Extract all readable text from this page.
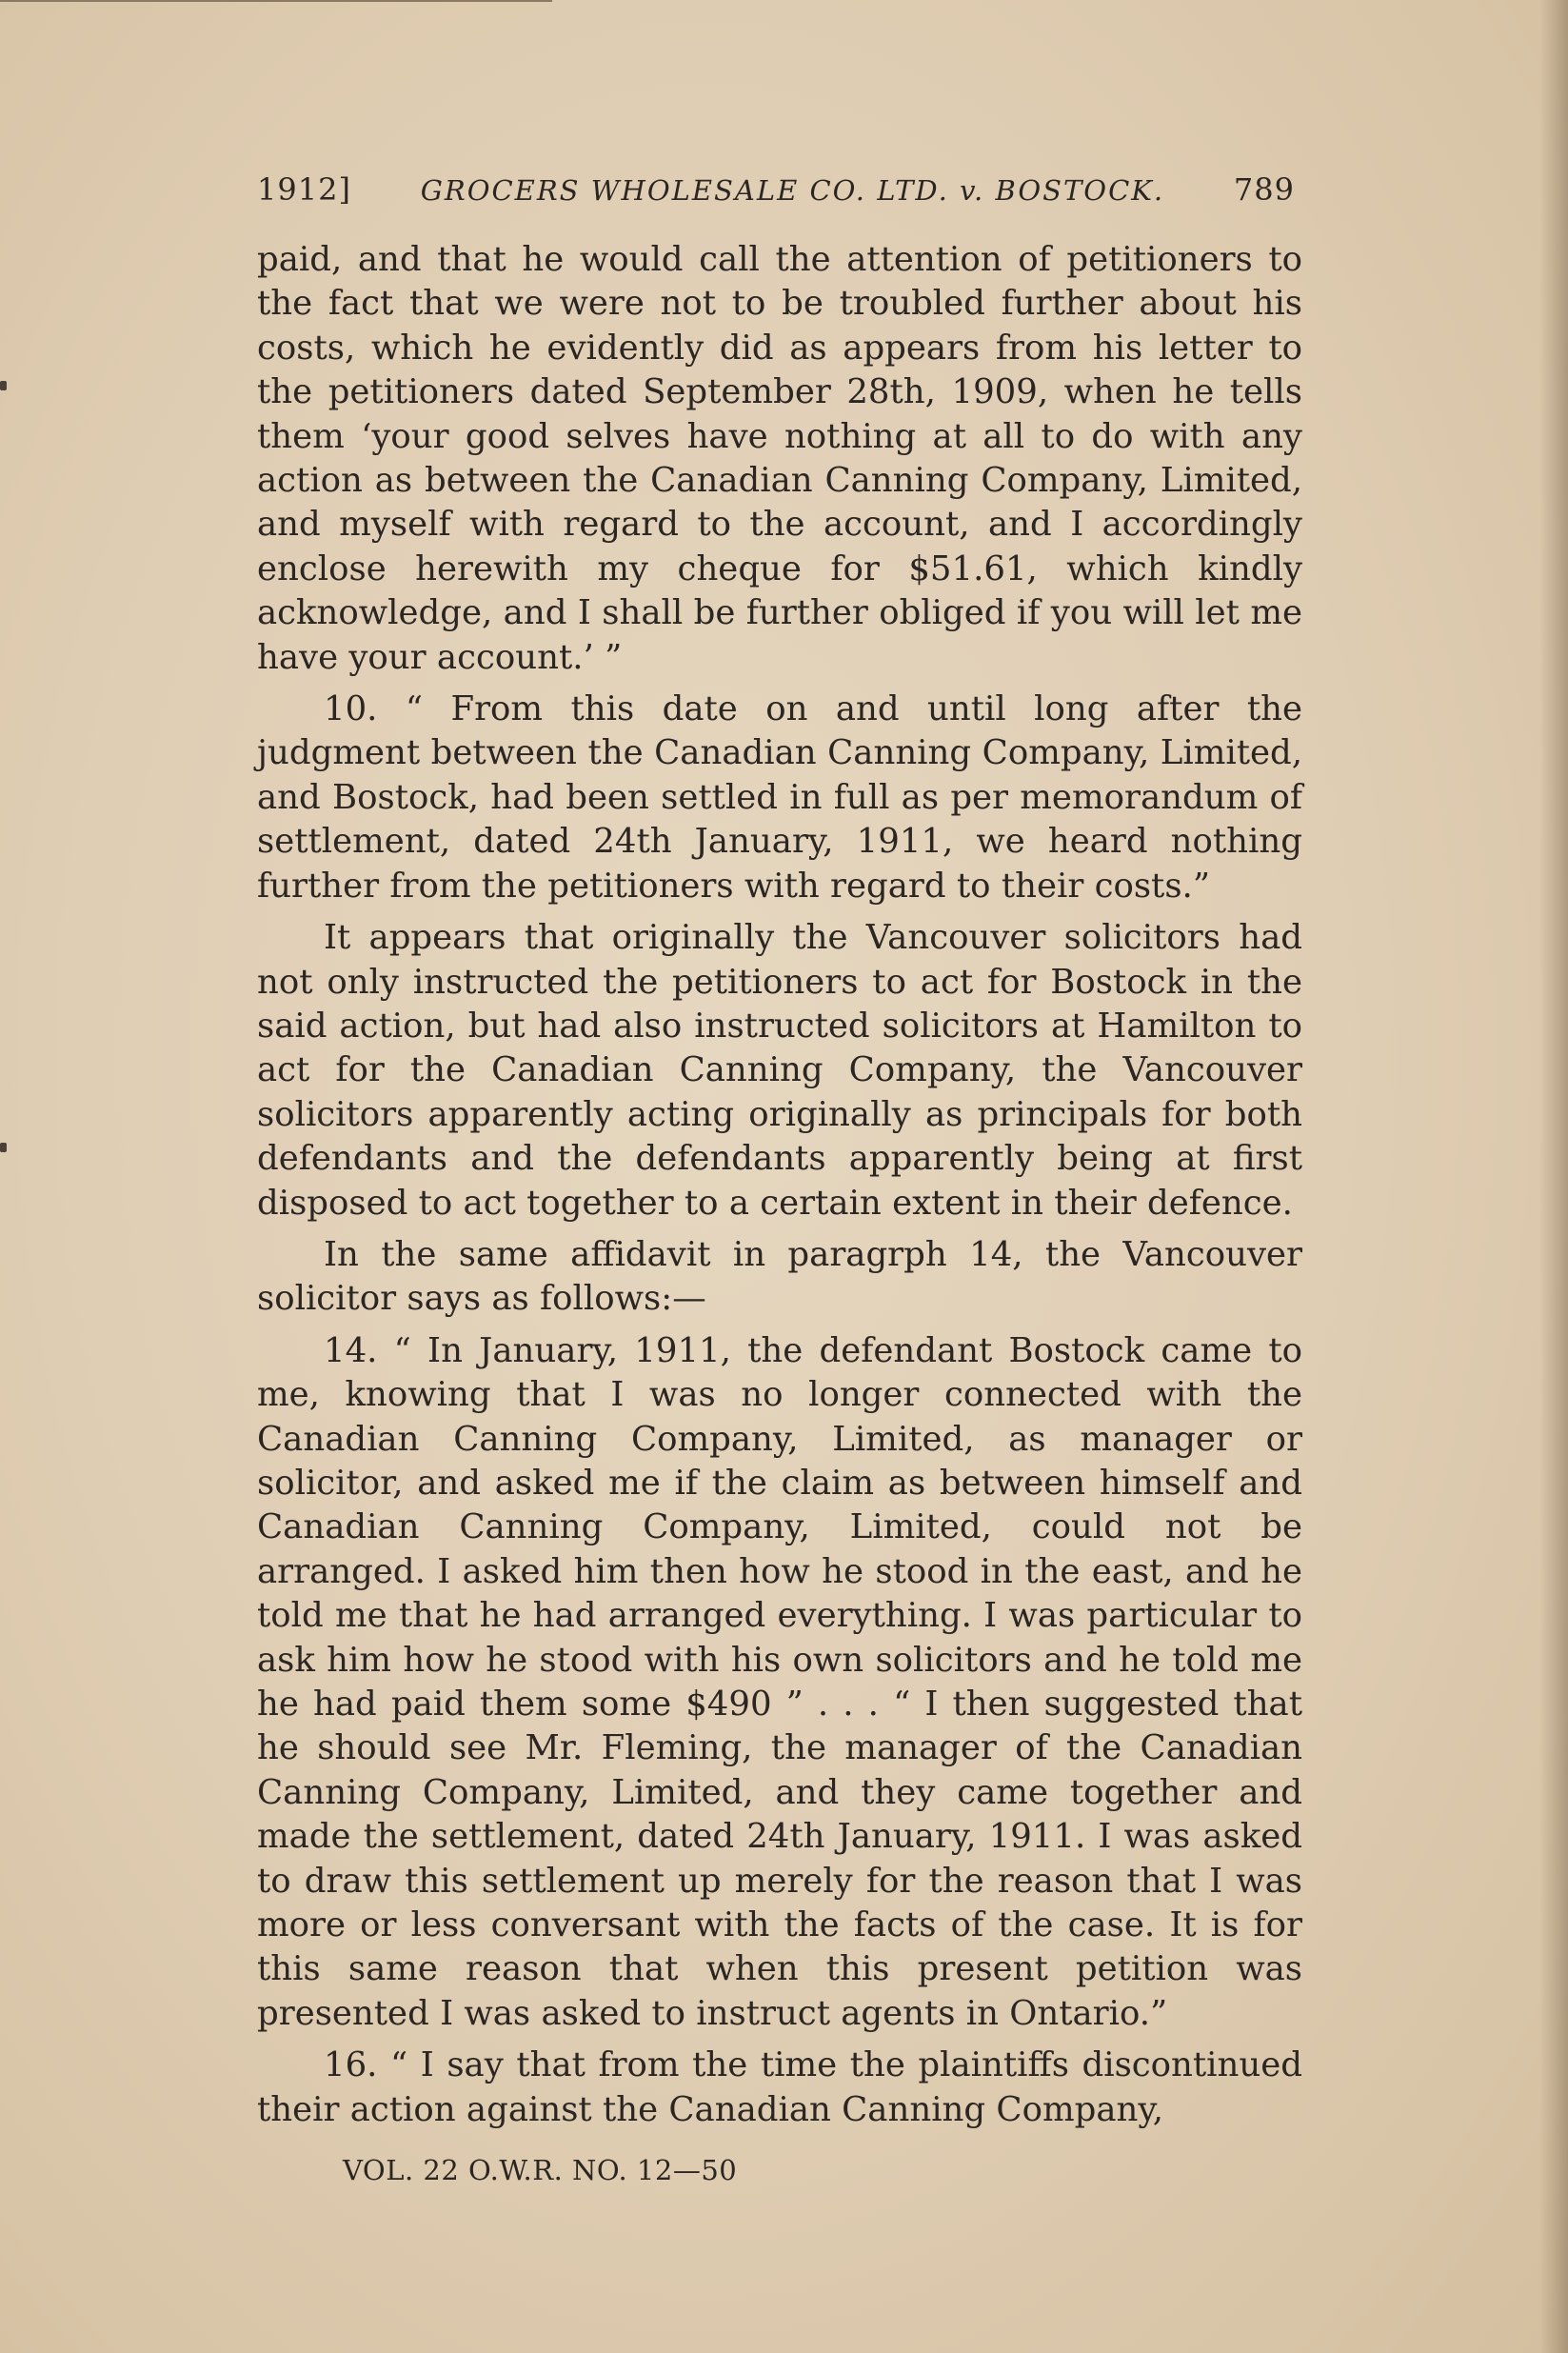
1912]	GROCERS WHOLESALE CO. LTD. v. BOSTOCK. 789

paid, and that he would call the attention of petitioners to the fact that we were not to be troubled further about his costs, which he evidently did as appears from his letter to the petitioners dated September 28th, 1909, when he tells them ‘your good selves have nothing at all to do with any action as between the Canadian Canning Company, Limited, and myself with regard to the account, and I accordingly enclose herewith my cheque for $51.61, which kindly acknowledge, and I shall be further obliged if you will let me have your account.’ ”

10. “ From this date on and until long after the judgment between the Canadian Canning Company, Limited, and Bostock, had been settled in full as per memorandum of settlement, dated 24th January, 1911, we heard nothing further from the petitioners with regard to their costs.”

It appears that originally the Vancouver solicitors had not only instructed the petitioners to act for Bostock in the said action, but had also instructed solicitors at Hamilton to act for the Canadian Canning Company, the Vancouver solicitors apparently acting originally as principals for both defendants and the defendants apparently being at first disposed to act together to a certain extent in their defence.

In the same affidavit in paragrph 14, the Vancouver solicitor says as follows:—

14. “ In January, 1911, the defendant Bostock came to me, knowing that I was no longer connected with the Canadian Canning Company, Limited, as manager or solicitor, and asked me if the claim as between himself and Canadian Canning Company, Limited, could not be arranged. I asked him then how he stood in the east, and he told me that he had arranged everything. I was particular to ask him how he stood with his own solicitors and he told me he had paid them some $490 ” . . . “ I then suggested that he should see Mr. Fleming, the manager of the Canadian Canning Company, Limited, and they came together and made the settlement, dated 24th January, 1911. I was asked to draw this settlement up merely for the reason that I was more or less conversant with the facts of the case. It is for this same reason that when this present petition was presented I was asked to instruct agents in Ontario.”

16. “ I say that from the time the plaintiffs discontinued their action against the Canadian Canning Company,

VOL. 22 O.W.R. NO. 12—50
